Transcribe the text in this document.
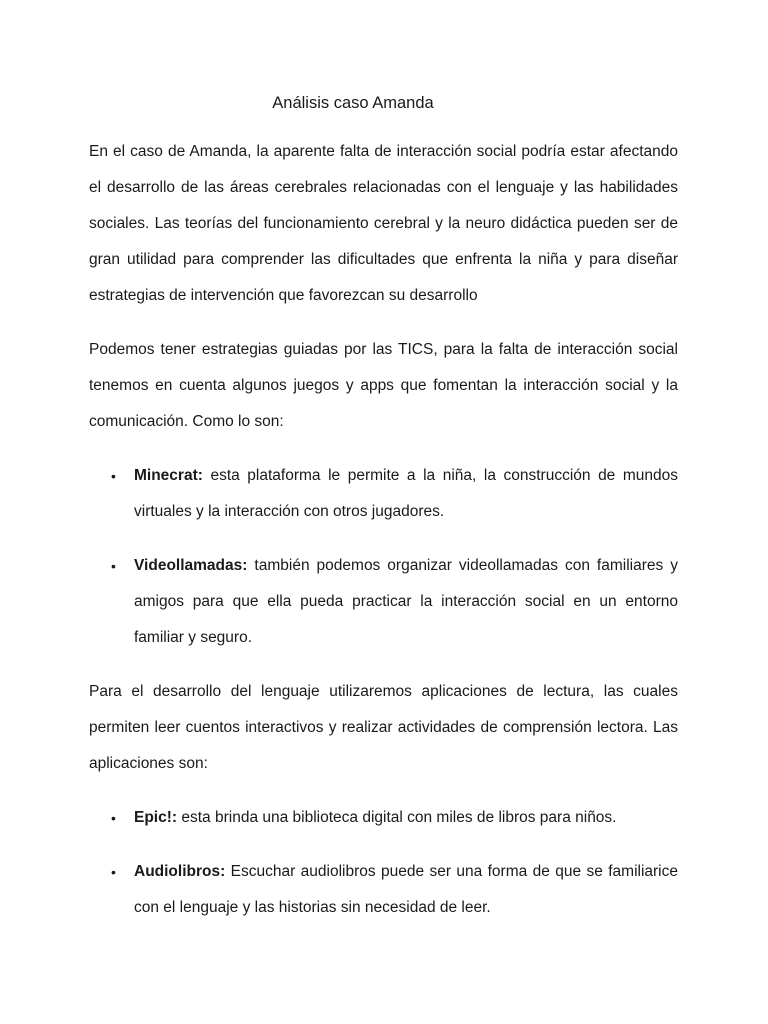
Análisis caso Amanda

En el caso de Amanda, la aparente falta de interacción social podría estar afectando el desarrollo de las áreas cerebrales relacionadas con el lenguaje y las habilidades sociales. Las teorías del funcionamiento cerebral y la neuro didáctica pueden ser de gran utilidad para comprender las dificultades que enfrenta la niña y para diseñar estrategias de intervención que favorezcan su desarrollo

Podemos tener estrategias guiadas por las TICS, para la falta de interacción social tenemos en cuenta algunos juegos y apps que fomentan la interacción social y la comunicación. Como lo son:

• Minecrat: esta plataforma le permite a la niña, la construcción de mundos virtuales y la interacción con otros jugadores.
• Videollamadas: también podemos organizar videollamadas con familiares y amigos para que ella pueda practicar la interacción social en un entorno familiar y seguro.

Para el desarrollo del lenguaje utilizaremos aplicaciones de lectura, las cuales permiten leer cuentos interactivos y realizar actividades de comprensión lectora. Las aplicaciones son:

• Epic!: esta brinda una biblioteca digital con miles de libros para niños.
• Audiolibros: Escuchar audiolibros puede ser una forma de que se familiarice con el lenguaje y las historias sin necesidad de leer.
